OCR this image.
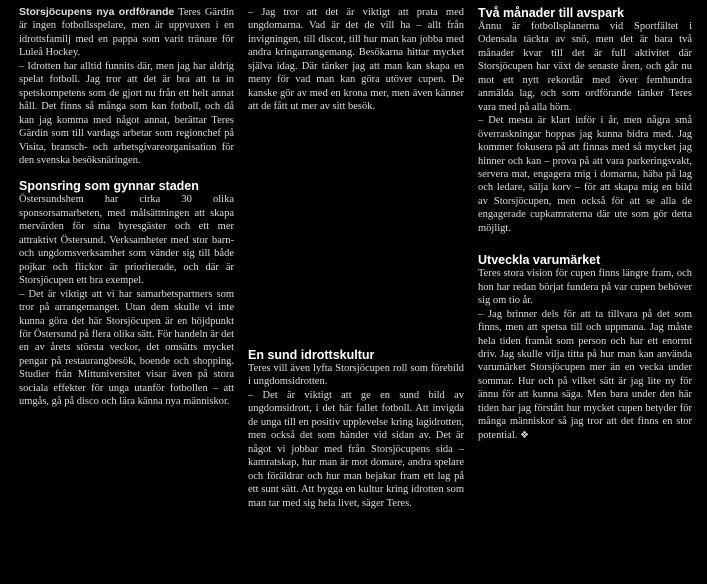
Storsjöcupens nya ordförande Teres Gärdin är ingen fotbollsspelare, men är uppvuxen i en idrottsfamilj med en pappa som varit tränare för Luleå Hockey.

– Idrotten har alltid funnits där, men jag har aldrig spelat fotboll. Jag tror att det är bra att ta in spetskompetens som de gjort nu från ett helt annat håll. Det finns så många som kan fotboll, och då kan jag komma med något annat, berättar Teres Gärdin som till vardags arbetar som regionchef på Visita, bransch- och arbetsgivareorganisation för den svenska besöksnäringen.

Sponsring som gynnar staden

Östersundshem har cirka 30 olika sponsorsamarbeten, med målsättningen att skapa mervärden för sina hyresgäster och ett mer attraktivt Östersund. Verksamheter med stor barn- och ungdomsverksamhet som vänder sig till både pojkar och flickor är prioriterade, och där är Storsjöcupen ett bra exempel.

– Det är viktigt att vi har samarbetspartners som tror på arrangemanget. Utan dem skulle vi inte kunna göra det här Storsjöcupen är en höjdpunkt för Östersund på flera olika sätt. För handeln är det en av årets största veckor, det omsätts mycket pengar på restaurangbesök, boende och shopping. Studier från Mittuniversitet visar även på stora sociala effekter för unga utanför fotbollen – att umgås, gå på disco och lära känna nya människor.

– Jag tror att det är viktigt att prata med ungdomarna. Vad är det de vill ha – allt från invigningen, till discot, till hur man kan jobba med andra kringarrangemang. Besökarna hittar mycket själva idag. Där tänker jag att man kan skapa en meny för vad man kan göra utöver cupen. De kanske gör av med en krona mer, men även känner att de fått ut mer av sitt besök.

En sund idrottskultur

Teres vill även lyfta Storsjöcupen roll som förebild i ungdomsidrotten.

– Det är viktigt att ge en sund bild av ungdomsidrott, i det här fallet fotboll. Att invigda de unga till en positiv upplevelse kring lagidrotten, men också det som händer vid sidan av. Det är något vi jobbar med från Storsjöcupens sida – kamratskap, hur man är mot domare, andra spelare och föräldrar och hur man bejakar fram ett lag på ett sunt sätt. Att bygga en kultur kring idrotten som man tar med sig hela livet, säger Teres.

Två månader till avspark

Ännu är fotbollsplanerna vid Sportfältet i Odensala täckta av snö, men det är bara två månader kvar till det är full aktivitet där Storsjöcupen har växt de senaste åren, och går nu mot ett nytt rekordår med över femhundra anmälda lag, och som ordförande tänker Teres vara med på alla hörn.

– Det mesta är klart inför i år, men några små överraskningar hoppas jag kunna bidra med. Jag kommer fokusera på att finnas med så mycket jag hinner och kan – prova på att vara parkeringsvakt, servera mat, engagera mig i domarna, häba på lag och ledare, sälja korv – för att skapa mig en bild av Storsjöcupen, men också för att se alla de engagerade cupkamraterna där ute som gör detta möjligt.

Utveckla varumärket

Teres stora vision för cupen finns längre fram, och hon har redan börjat fundera på var cupen behöver sig om tio år.

– Jag brinner dels för att ta tillvara på det som finns, men att spetsa till och uppmana. Jag måste hela tiden framåt som person och har ett enormt driv. Jag skulle vilja titta på hur man kan använda varumärket Storsjöcupen mer än en vecka under sommar. Hur och på vilket sätt är jag lite ny för ännu för att kunna säga. Men bara under den här tiden har jag förstått hur mycket cupen betyder för många människor så jag tror att det finns en stor potential. ❖
